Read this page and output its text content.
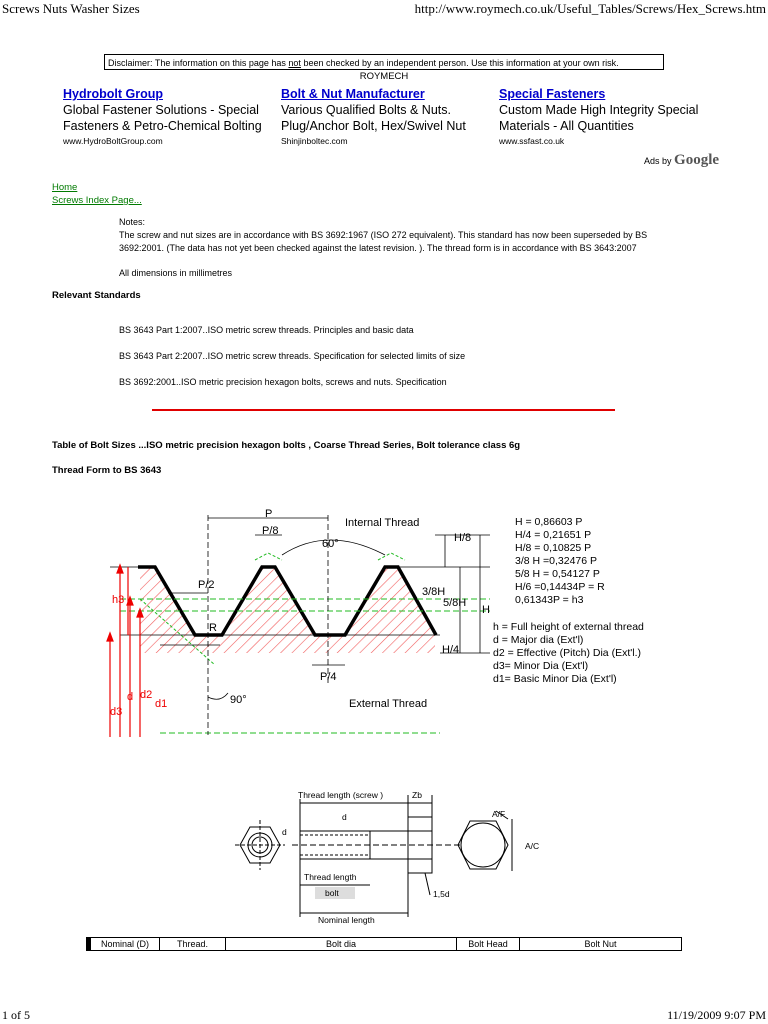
Screws Nuts Washer Sizes	http://www.roymech.co.uk/Useful_Tables/Screws/Hex_Screws.htm
1 of 5	11/19/2009 9:07 PM
Disclaimer: The information on this page has not been checked by an independent person. Use this information at your own risk.
ROYMECH
Hydrobolt Group
Global Fastener Solutions - Special Fasteners & Petro-Chemical Bolting
www.HydroBoltGroup.com
Bolt & Nut Manufacturer
Various Qualified Bolts & Nuts. Plug/Anchor Bolt, Hex/Swivel Nut
Shinjinboltec.com
Special Fasteners
Custom Made High Integrity Special Materials - All Quantities
www.ssfast.co.uk
Ads by Google
Home
Screws Index Page...
Notes:
The screw and nut sizes are in accordance with BS 3692:1967 (ISO 272 equivalent). This standard has now been superseded by BS
3692:2001. (The data has not yet been checked against the latest revision. ). The thread form is in accordance with BS 3643:2007
All dimensions in millimetres
Relevant Standards
BS 3643 Part 1:2007..ISO metric screw threads. Principles and basic data
BS 3643 Part 2:2007..ISO metric screw threads. Specification for selected limits of size
BS 3692:2001..ISO metric precision hexagon bolts, screws and nuts. Specification
Table of Bolt Sizes ...ISO metric precision hexagon bolts , Coarse Thread Series, Bolt tolerance class 6g
Thread Form to BS 3643
P
P/8
P/2
P/4
60°
90°
R
Internal Thread
External Thread
H/8
3/8H
5/8H
H
H/4
h3
d d2
d1
d3
H = 0,86603 P
H/4 = 0,21651 P
H/8 = 0,10825 P
3/8 H =0,32476 P
5/8 H = 0,54127 P
H/6 =0,14434P = R
0,61343P = h3
h = Full height of external thread
d = Major dia (Ext'l)
d2 = Effective (Pitch) Dia (Ext'l.)
d3= Minor Dia (Ext'l)
d1= Basic Minor Dia (Ext'l)
Thread length (screw )	Zb
d
d	A/F
A/C
Thread length
bolt	1,5d
Nominal length
	Nominal (D)	Thread.	Bolt dia	Bolt Head	Bolt Nut
